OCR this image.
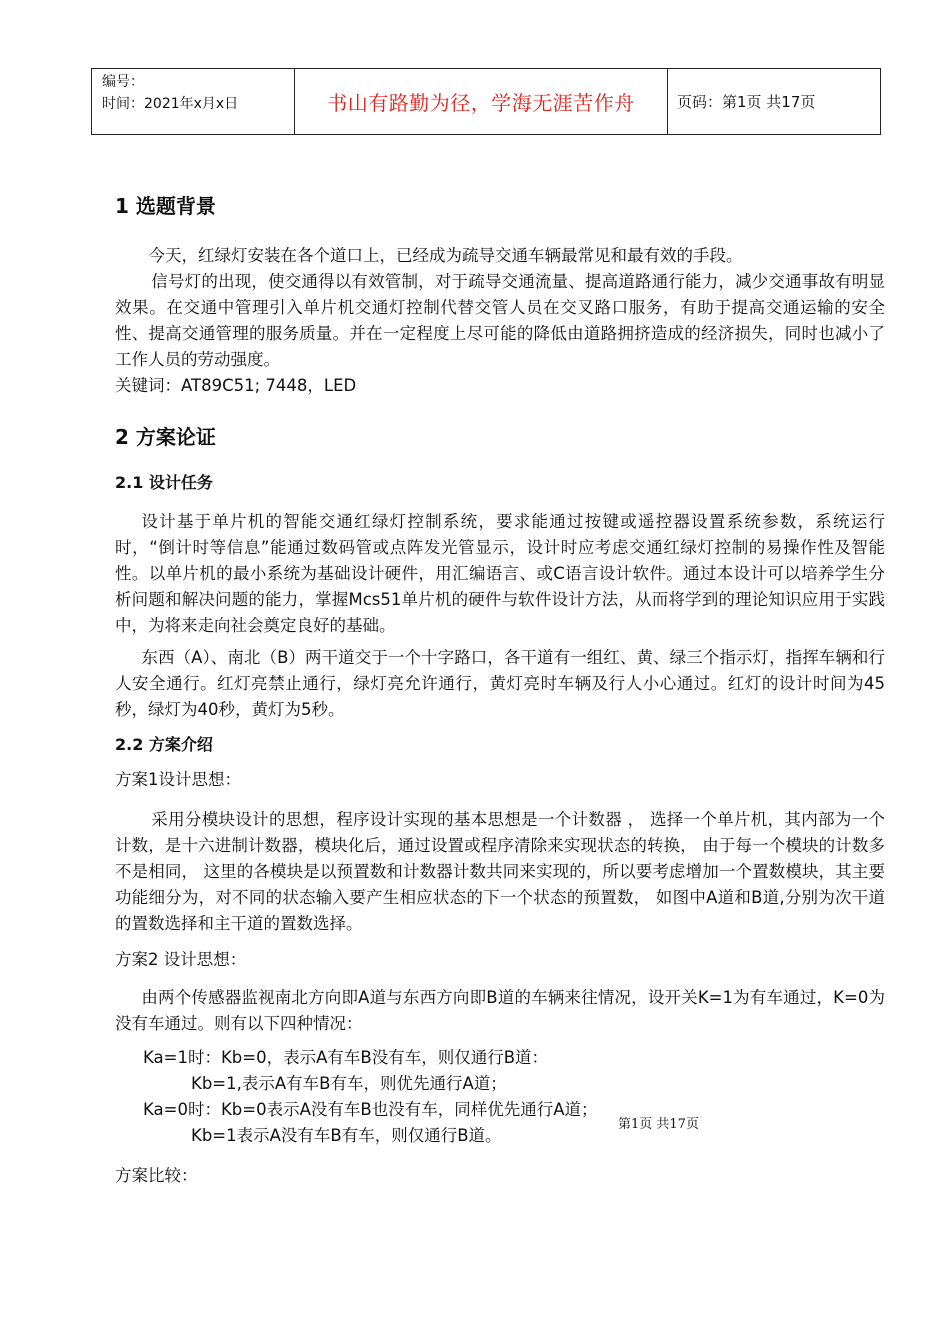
编号：
时间：2021年x月x日	书山有路勤为径，学海无涯苦作舟	页码：第1页 共17页
1 选题背景

今天，红绿灯安装在各个道口上，已经成为疏导交通车辆最常见和最有效的手段。

信号灯的出现，使交通得以有效管制，对于疏导交通流量、提高道路通行能力，减少交通事故有明显效果。在交通中管理引入单片机交通灯控制代替交管人员在交叉路口服务，有助于提高交通运输的安全性、提高交通管理的服务质量。并在一定程度上尽可能的降低由道路拥挤造成的经济损失，同时也减小了工作人员的劳动强度。

关键词：AT89C51; 7448，LED

2 方案论证
2.1 设计任务

设计基于单片机的智能交通红绿灯控制系统，要求能通过按键或遥控器设置系统参数，系统运行时，“倒计时等信息”能通过数码管或点阵发光管显示，设计时应考虑交通红绿灯控制的易操作性及智能性。以单片机的最小系统为基础设计硬件，用汇编语言、或C语言设计软件。通过本设计可以培养学生分析问题和解决问题的能力，掌握Mcs51单片机的硬件与软件设计方法，从而将学到的理论知识应用于实践中，为将来走向社会奠定良好的基础。

东西（A）、南北（B）两干道交于一个十字路口，各干道有一组红、黄、绿三个指示灯，指挥车辆和行人安全通行。红灯亮禁止通行，绿灯亮允许通行，黄灯亮时车辆及行人小心通过。红灯的设计时间为45秒，绿灯为40秒，黄灯为5秒。

2.2 方案介绍
方案1设计思想：

采用分模块设计的思想，程序设计实现的基本思想是一个计数器 ， 选择一个单片机，其内部为一个计数，是十六进制计数器，模块化后，通过设置或程序清除来实现状态的转换， 由于每一个模块的计数多不是相同， 这里的各模块是以预置数和计数器计数共同来实现的，所以要考虑增加一个置数模块，其主要功能细分为，对不同的状态输入要产生相应状态的下一个状态的预置数， 如图中A道和B道,分别为次干道的置数选择和主干道的置数选择。

方案2 设计思想：

由两个传感器监视南北方向即A道与东西方向即B道的车辆来往情况，设开关K=1为有车通过，K=0为没有车通过。则有以下四种情况：

Ka=1时：Kb=0，表示A有车B没有车，则仅通行B道：
Kb=1,表示A有车B有车，则优先通行A道；
Ka=0时：Kb=0表示A没有车B也没有车，同样优先通行A道；
Kb=1表示A没有车B有车，则仅通行B道。
方案比较：
第1页 共17页
